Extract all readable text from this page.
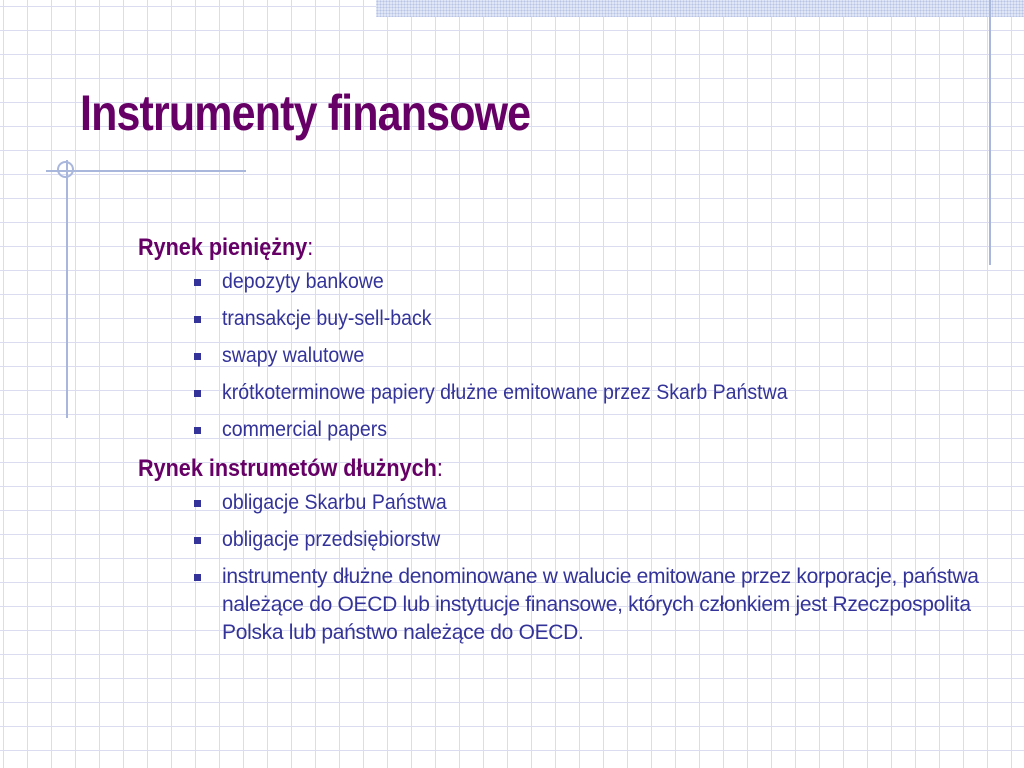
Instrumenty finansowe
Rynek pieniężny:
depozyty bankowe
transakcje buy-sell-back
swapy walutowe
krótkoterminowe papiery dłużne emitowane przez Skarb Państwa
commercial papers
Rynek instrumetów dłużnych:
obligacje Skarbu Państwa
obligacje przedsiębiorstw
instrumenty dłużne denominowane w walucie emitowane przez korporacje, państwa należące do OECD lub instytucje finansowe, których członkiem jest Rzeczpospolita Polska lub państwo należące do OECD.
